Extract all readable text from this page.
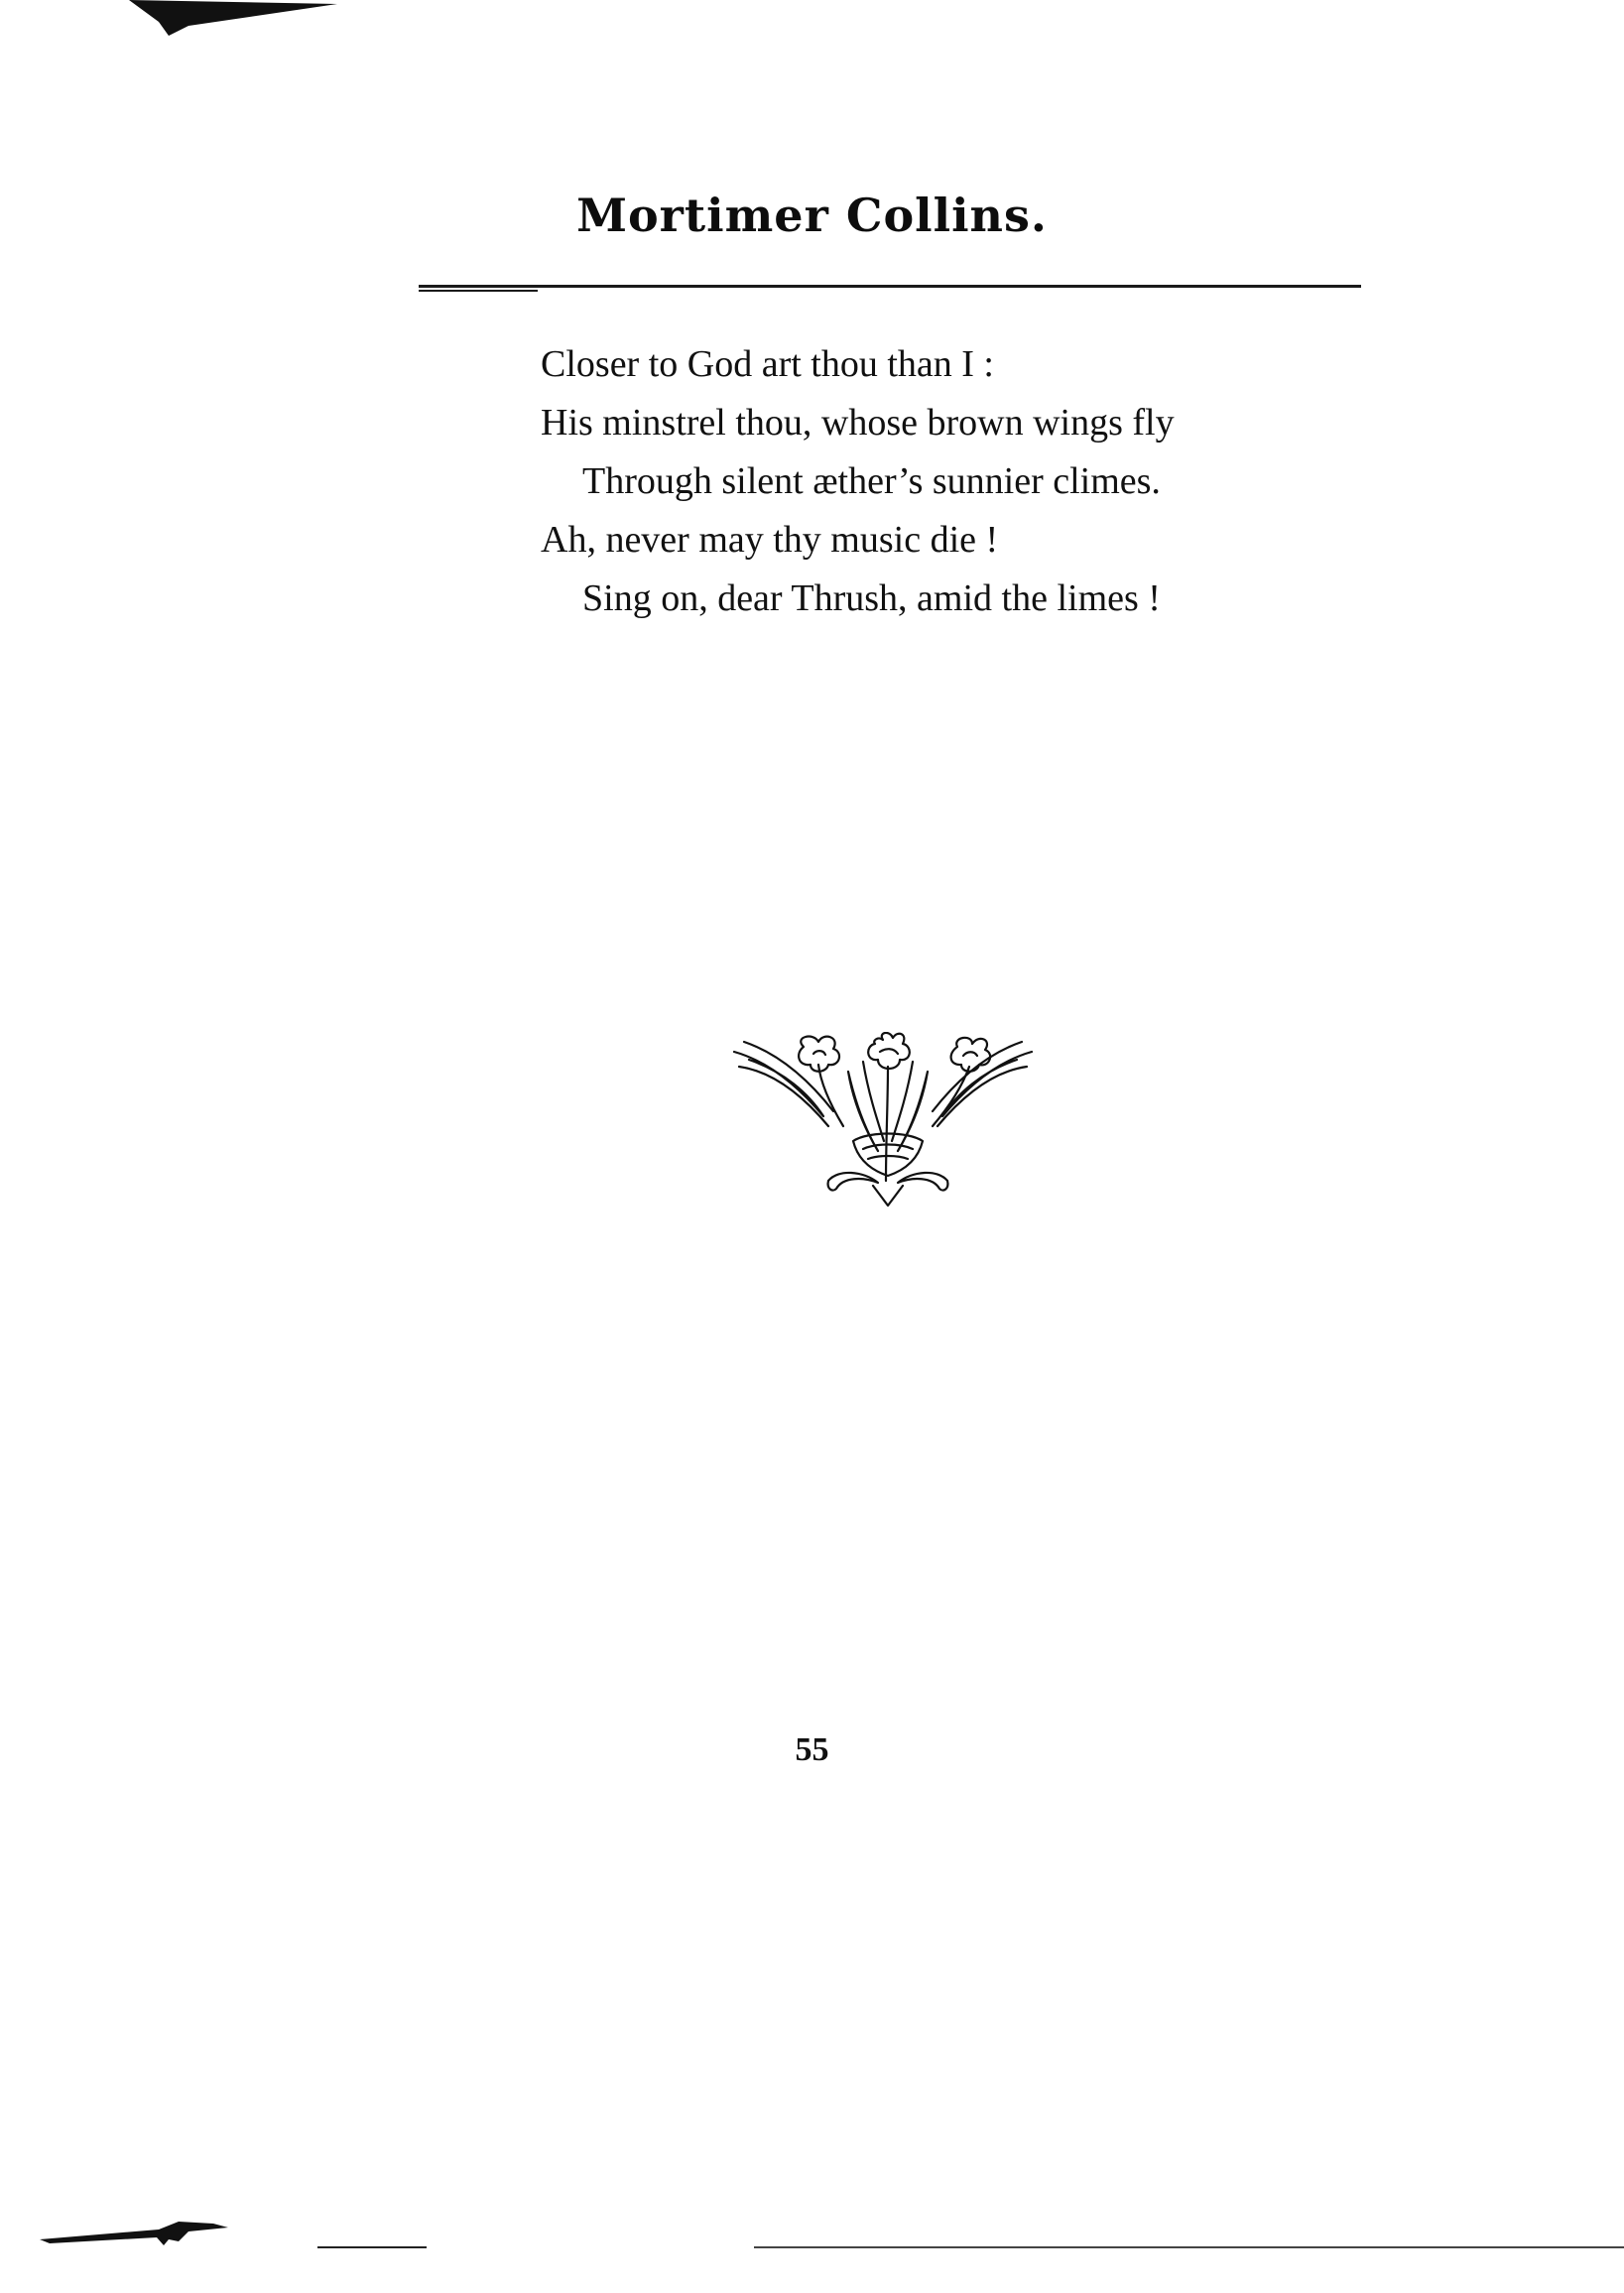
Mortimer Collins.
Closer to God art thou than I :
His minstrel thou, whose brown wings fly
Through silent æther’s sunnier climes.
Ah, never may thy music die !
Sing on, dear Thrush, amid the limes !
55
